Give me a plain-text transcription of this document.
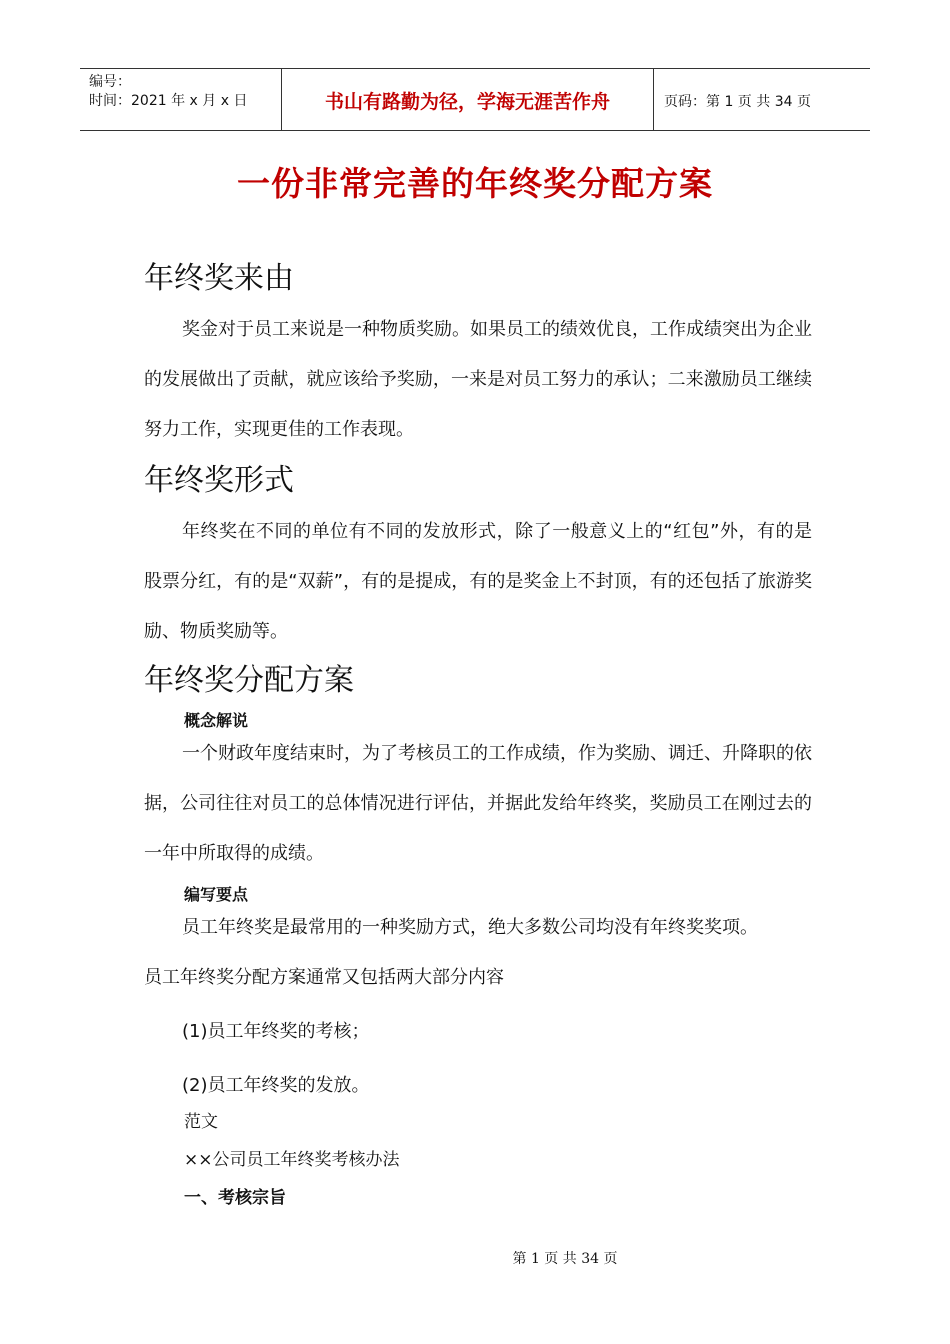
编号：
时间：2021 年 x 月 x 日	书山有路勤为径，学海无涯苦作舟	页码：第 1 页 共 34 页
一份非常完善的年终奖分配方案
年终奖来由

奖金对于员工来说是一种物质奖励。如果员工的绩效优良，工作成绩突出为企业的发展做出了贡献，就应该给予奖励，一来是对员工努力的承认；二来激励员工继续努力工作，实现更佳的工作表现。

年终奖形式

年终奖在不同的单位有不同的发放形式，除了一般意义上的“红包”外，有的是股票分红，有的是“双薪”，有的是提成，有的是奖金上不封顶，有的还包括了旅游奖励、物质奖励等。

年终奖分配方案

概念解说

一个财政年度结束时，为了考核员工的工作成绩，作为奖励、调迁、升降职的依据，公司往往对员工的总体情况进行评估，并据此发给年终奖，奖励员工在刚过去的一年中所取得的成绩。

编写要点

员工年终奖是最常用的一种奖励方式，绝大多数公司均没有年终奖奖项。

员工年终奖分配方案通常又包括两大部分内容

(1)员工年终奖的考核；

(2)员工年终奖的发放。

范文

××公司员工年终奖考核办法

一、考核宗旨

第 1 页 共 34 页
